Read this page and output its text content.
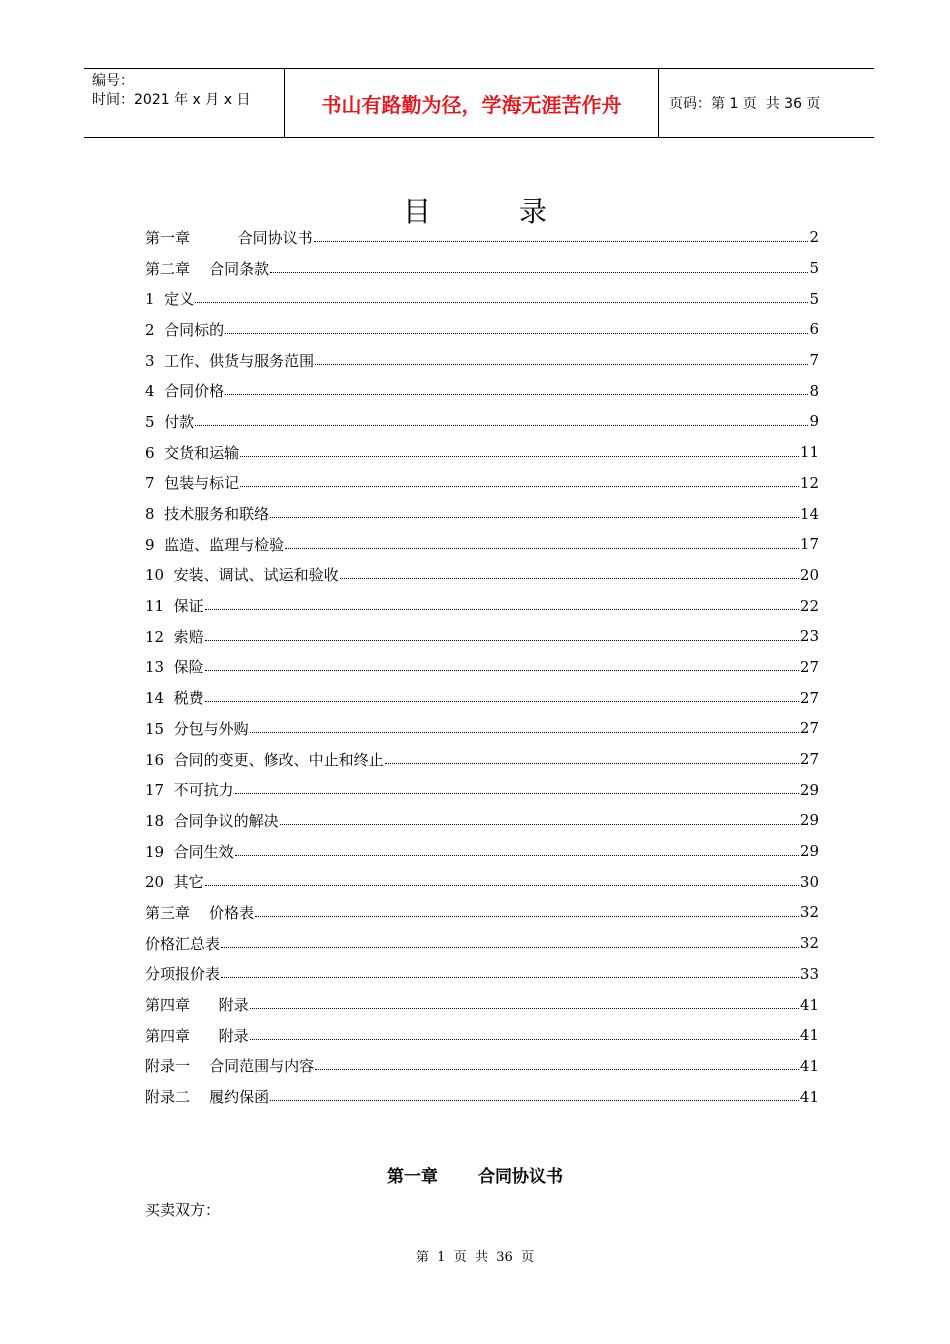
编号：
时间：2021 年 x 月 x 日	书山有路勤为径，学海无涯苦作舟	页码：第 1 页  共 36 页
目	录
第一章          合同协议书	2
第二章    合同条款	5
1  定义	5
2  合同标的	6
3  工作、供货与服务范围	7
4  合同价格	8
5  付款	9
6  交货和运输	11
7  包装与标记	12
8  技术服务和联络	14
9  监造、监理与检验	17
10  安装、调试、试运和验收	20
11  保证	22
12  索赔	23
13  保险	27
14  税费	27
15  分包与外购	27
16  合同的变更、修改、中止和终止	27
17  不可抗力	29
18  合同争议的解决	29
19  合同生效	29
20  其它	30
第三章    价格表	32
价格汇总表	32
分项报价表	33
第四章      附录	41
第四章      附录	41
附录一    合同范围与内容	41
附录二    履约保函	41
第一章 合同协议书
买卖双方：
第  1  页  共  36  页
